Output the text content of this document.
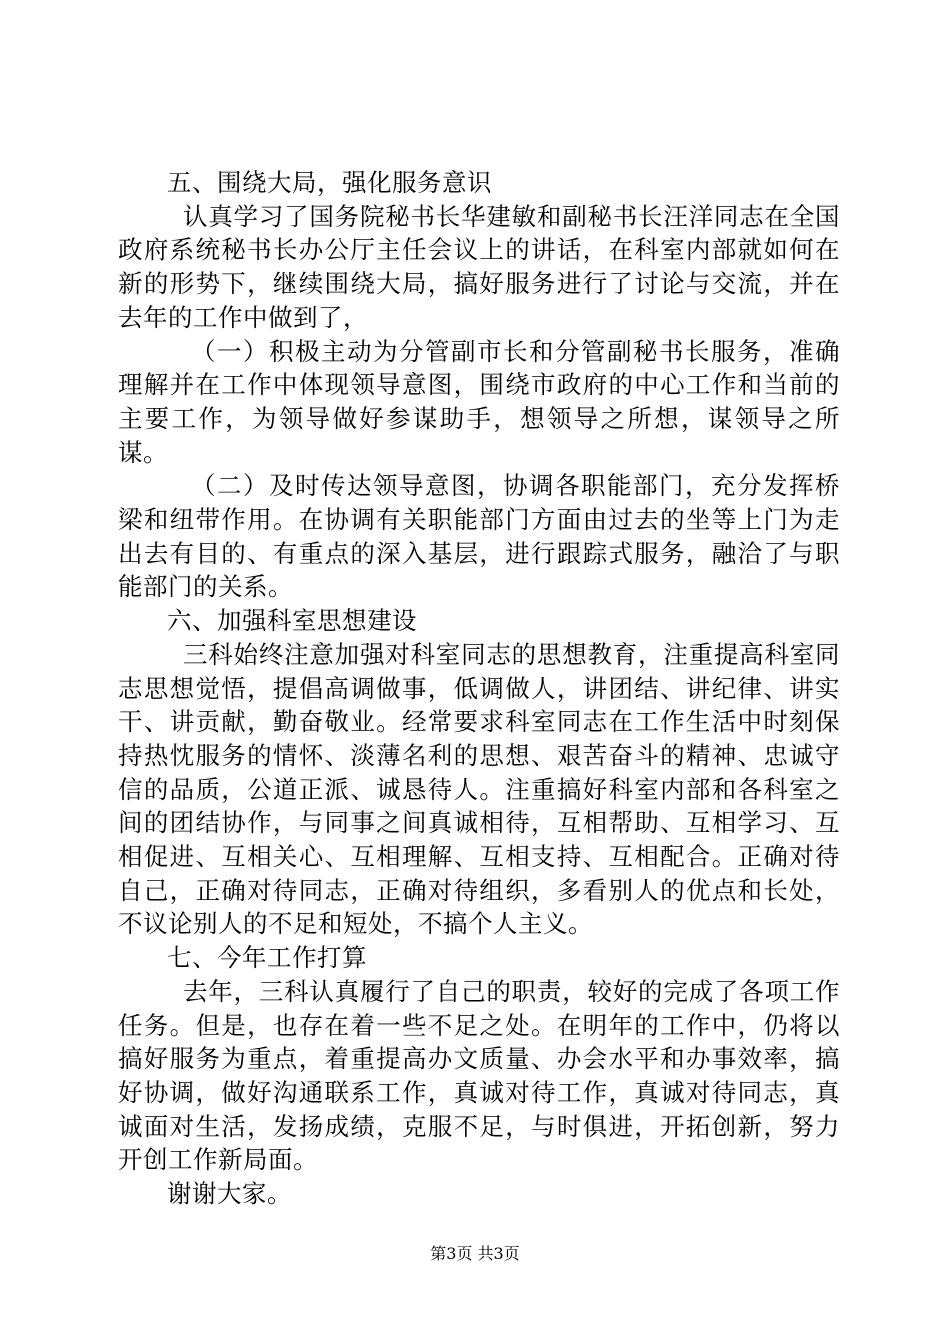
五、围绕大局，强化服务意识

认真学习了国务院秘书长华建敏和副秘书长汪洋同志在全国政府系统秘书长办公厅主任会议上的讲话，在科室内部就如何在新的形势下，继续围绕大局，搞好服务进行了讨论与交流，并在去年的工作中做到了，

（一）积极主动为分管副市长和分管副秘书长服务，准确理解并在工作中体现领导意图，围绕市政府的中心工作和当前的主要工作，为领导做好参谋助手，想领导之所想，谋领导之所谋。

（二）及时传达领导意图，协调各职能部门，充分发挥桥梁和纽带作用。在协调有关职能部门方面由过去的坐等上门为走出去有目的、有重点的深入基层，进行跟踪式服务，融洽了与职能部门的关系。

六、加强科室思想建设

三科始终注意加强对科室同志的思想教育，注重提高科室同志思想觉悟，提倡高调做事，低调做人，讲团结、讲纪律、讲实干、讲贡献，勤奋敬业。经常要求科室同志在工作生活中时刻保持热忱服务的情怀、淡薄名利的思想、艰苦奋斗的精神、忠诚守信的品质，公道正派、诚恳待人。注重搞好科室内部和各科室之间的团结协作，与同事之间真诚相待，互相帮助、互相学习、互相促进、互相关心、互相理解、互相支持、互相配合。正确对待自己，正确对待同志，正确对待组织，多看别人的优点和长处，不议论别人的不足和短处，不搞个人主义。

七、今年工作打算

去年，三科认真履行了自己的职责，较好的完成了各项工作任务。但是，也存在着一些不足之处。在明年的工作中，仍将以搞好服务为重点，着重提高办文质量、办会水平和办事效率，搞好协调，做好沟通联系工作，真诚对待工作，真诚对待同志，真诚面对生活，发扬成绩，克服不足，与时俱进，开拓创新，努力开创工作新局面。

谢谢大家。

第3页 共3页
